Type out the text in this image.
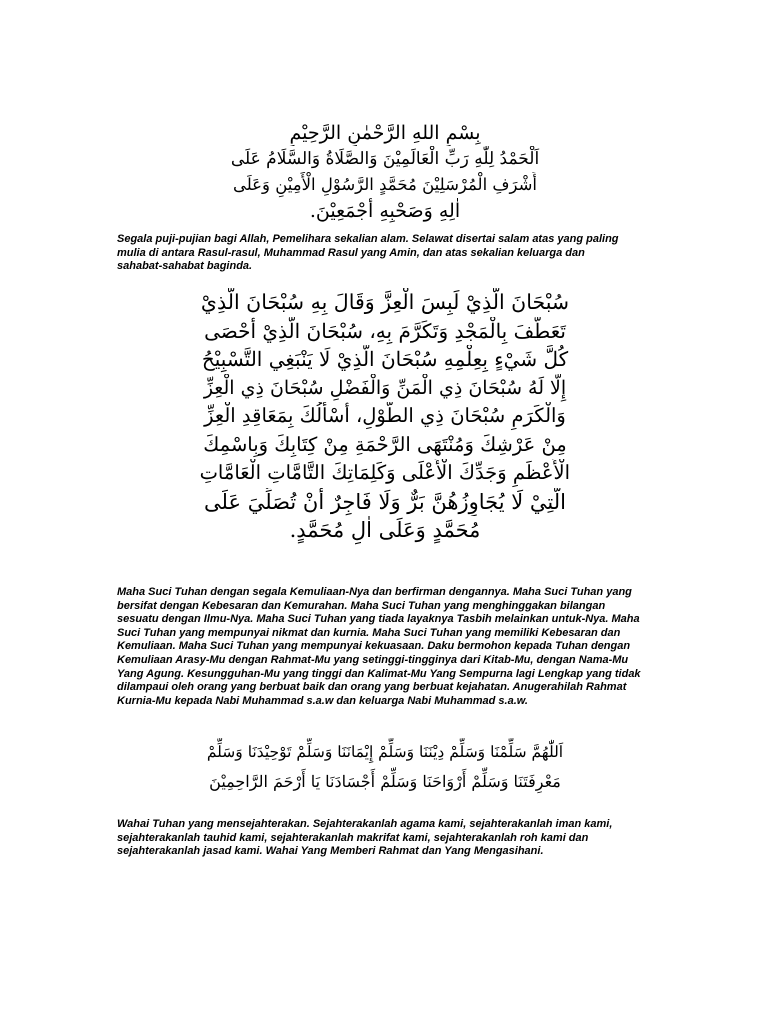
بِسْمِ اللهِ الرَّحْمٰنِ الرَّحِيْمِ
اَلْحَمْدُ لِلّٰهِ رَبِّ الْعَالَمِيْنَ وَالصَّلَاةُ وَالسَّلَامُ عَلَى
أَشْرَفِ الْمُرْسَلِيْنَ مُحَمَّدٍ الرَّسُوْلِ الْأَمِيْنِ وَعَلَى
اٰلِهِ وَصَحْبِهِ أَجْمَعِيْنَ.

Segala puji-pujian bagi Allah, Pemelihara sekalian alam. Selawat disertai salam atas yang paling mulia di antara Rasul-rasul, Muhammad Rasul yang Amin, dan atas sekalian keluarga dan sahabat-sahabat baginda.

سُبْحَانَ الَّذِيْ لَبِسَ الْعِزَّ وَقَالَ بِهِ سُبْحَانَ الَّذِيْ
تَعَطَّفَ بِالْمَجْدِ وَتَكَرَّمَ بِهِ، سُبْحَانَ الَّذِيْ أَحْصَى
كُلَّ شَيْءٍ بِعِلْمِهِ سُبْحَانَ الَّذِيْ لَا يَنْبَغِي التَّسْبِيْحُ
إِلَّا لَهُ سُبْحَانَ ذِي الْمَنِّ وَالْفَضْلِ سُبْحَانَ ذِي الْعِزِّ
وَالْكَرَمِ سُبْحَانَ ذِي الطَّوْلِ، أَسْأَلُكَ بِمَعَاقِدِ الْعِزِّ
مِنْ عَرْشِكَ وَمُنْتَهَى الرَّحْمَةِ مِنْ كِتَابِكَ وَبِاسْمِكَ
الْأَعْظَمِ وَجَدِّكَ الْأَعْلَى وَكَلِمَاتِكَ التَّامَّاتِ الْعَامَّاتِ
الَّتِيْ لَا يُجَاوِزُهُنَّ بَرٌّ وَلَا فَاجِرٌ أَنْ تُصَلِّيَ عَلَى
مُحَمَّدٍ وَعَلَى اٰلِ مُحَمَّدٍ.

Maha Suci Tuhan dengan segala Kemuliaan-Nya dan berfirman dengannya. Maha Suci Tuhan yang bersifat dengan Kebesaran dan Kemurahan. Maha Suci Tuhan yang menghinggakan bilangan sesuatu dengan Ilmu-Nya. Maha Suci Tuhan yang tiada layaknya Tasbih melainkan untuk-Nya. Maha Suci Tuhan yang mempunyai nikmat dan kurnia. Maha Suci Tuhan yang memiliki Kebesaran dan Kemuliaan. Maha Suci Tuhan yang mempunyai kekuasaan. Daku bermohon kepada Tuhan dengan Kemuliaan Arasy-Mu dengan Rahmat-Mu yang setinggi-tingginya dari Kitab-Mu, dengan Nama-Mu Yang Agung. Kesungguhan-Mu yang tinggi dan Kalimat-Mu Yang Sempurna lagi Lengkap yang tidak dilampaui oleh orang yang berbuat baik dan orang yang berbuat kejahatan. Anugerahilah Rahmat Kurnia-Mu kepada Nabi Muhammad s.a.w dan keluarga Nabi Muhammad s.a.w.

اَللّٰهُمَّ سَلِّمْنَا وَسَلِّمْ دِيْنَنَا وَسَلِّمْ إِيْمَانَنَا وَسَلِّمْ تَوْحِيْدَنَا وَسَلِّمْ
مَعْرِفَتَنَا وَسَلِّمْ أَرْوَاحَنَا وَسَلِّمْ أَجْسَادَنَا يَا أَرْحَمَ الرَّاحِمِيْنَ

Wahai Tuhan yang mensejahterakan. Sejahterakanlah agama kami, sejahterakanlah iman kami, sejahterakanlah tauhid kami, sejahterakanlah makrifat kami, sejahterakanlah roh kami dan sejahterakanlah jasad kami. Wahai Yang Memberi Rahmat dan Yang Mengasihani.
